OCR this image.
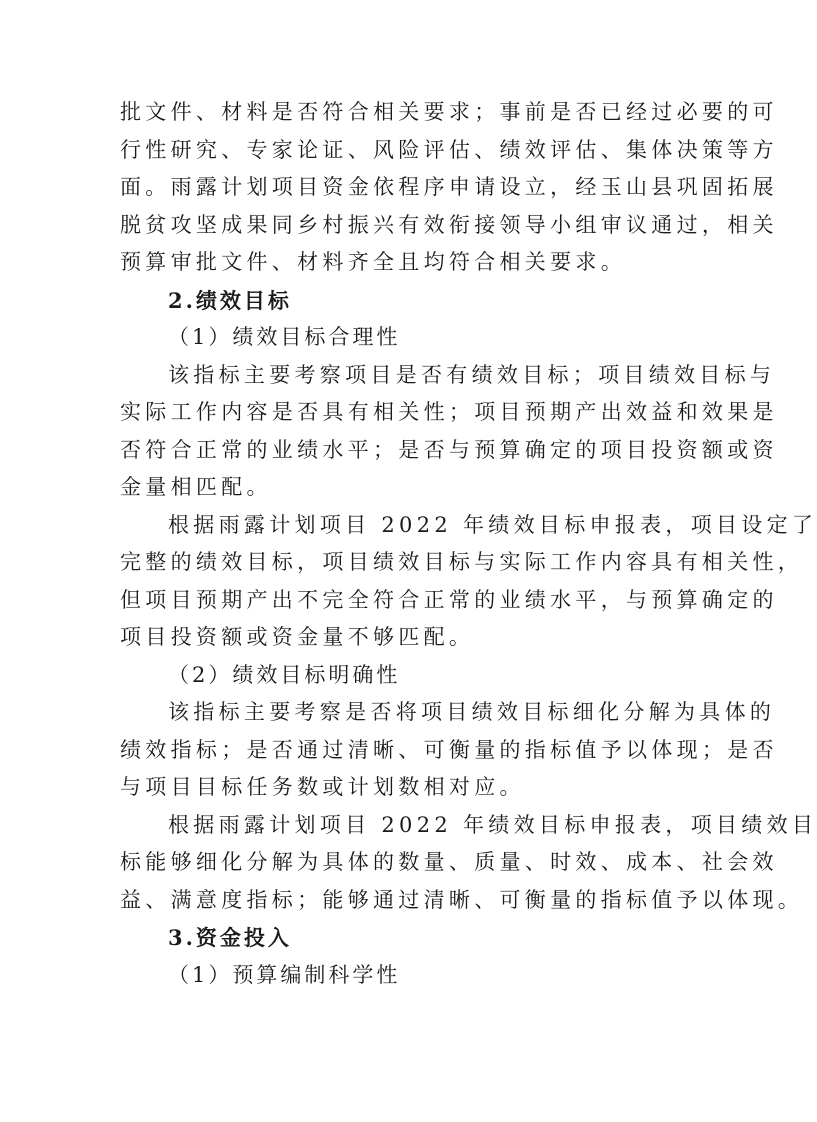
批文件、材料是否符合相关要求；事前是否已经过必要的可

行性研究、专家论证、风险评估、绩效评估、集体决策等方

面。雨露计划项目资金依程序申请设立，经玉山县巩固拓展

脱贫攻坚成果同乡村振兴有效衔接领导小组审议通过，相关

预算审批文件、材料齐全且均符合相关要求。

2.绩效目标

（1）绩效目标合理性

该指标主要考察项目是否有绩效目标；项目绩效目标与

实际工作内容是否具有相关性；项目预期产出效益和效果是

否符合正常的业绩水平；是否与预算确定的项目投资额或资

金量相匹配。

根据雨露计划项目 2022 年绩效目标申报表，项目设定了

完整的绩效目标，项目绩效目标与实际工作内容具有相关性，

但项目预期产出不完全符合正常的业绩水平，与预算确定的

项目投资额或资金量不够匹配。

（2）绩效目标明确性

该指标主要考察是否将项目绩效目标细化分解为具体的

绩效指标；是否通过清晰、可衡量的指标值予以体现；是否

与项目目标任务数或计划数相对应。

根据雨露计划项目 2022 年绩效目标申报表，项目绩效目

标能够细化分解为具体的数量、质量、时效、成本、社会效

益、满意度指标；能够通过清晰、可衡量的指标值予以体现。

3.资金投入

（1）预算编制科学性
